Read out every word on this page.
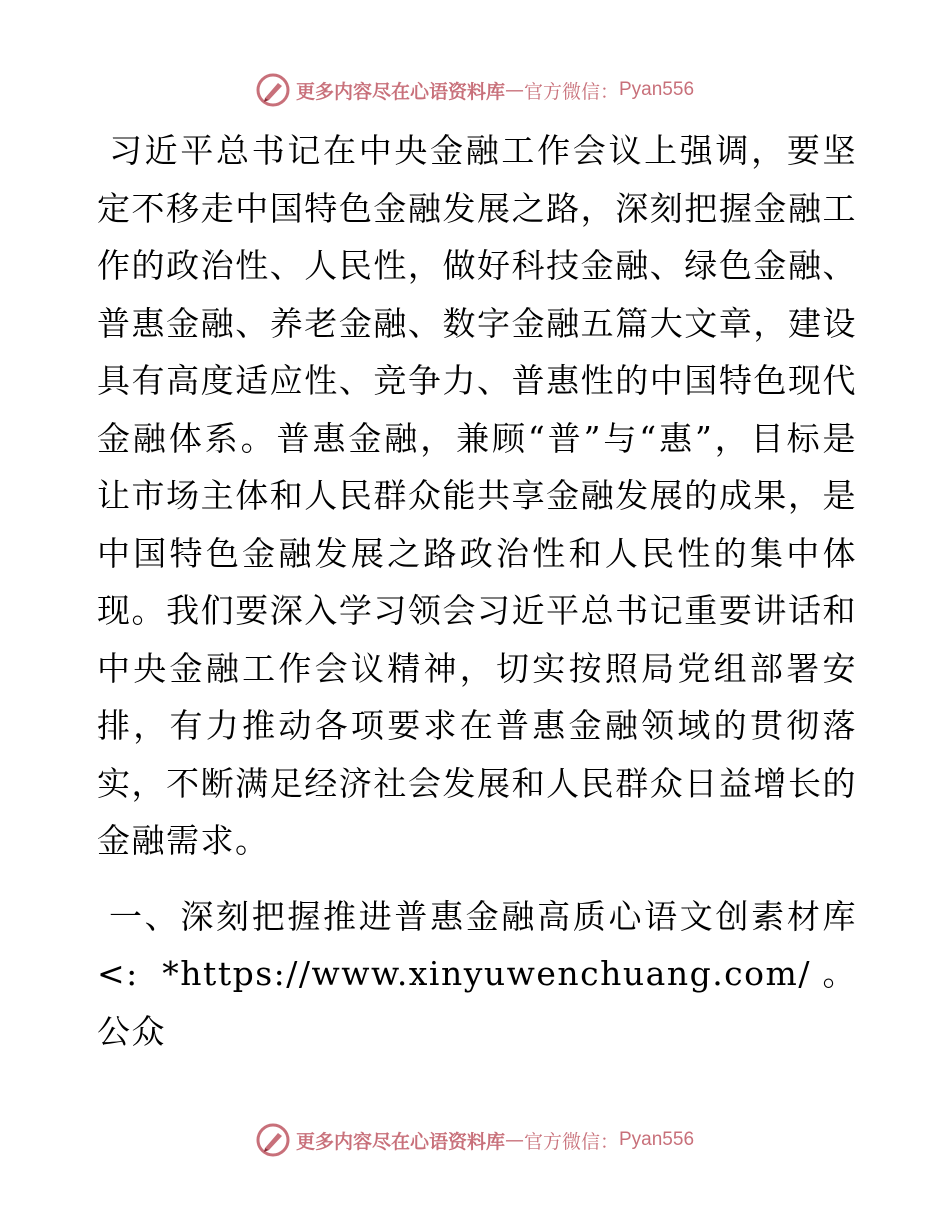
更多内容尽在心语资料库 — 官方微信： Pyan556

习近平总书记在中央金融工作会议上强调，要坚定不移走中国特色金融发展之路，深刻把握金融工作的政治性、人民性，做好科技金融、绿色金融、普惠金融、养老金融、数字金融五篇大文章，建设具有高度适应性、竞争力、普惠性的中国特色现代金融体系。普惠金融，兼顾“普”与“惠”，目标是让市场主体和人民群众能共享金融发展的成果，是中国特色金融发展之路政治性和人民性的集中体现。我们要深入学习领会习近平总书记重要讲话和中央金融工作会议精神，切实按照局党组部署安排，有力推动各项要求在普惠金融领域的贯彻落实，不断满足经济社会发展和人民群众日益增长的金融需求。

一、深刻把握推进普惠金融高质心语文创素材库<: *https://www.xinyuwenchuang.com/。公众

更多内容尽在心语资料库 — 官方微信： Pyan556
